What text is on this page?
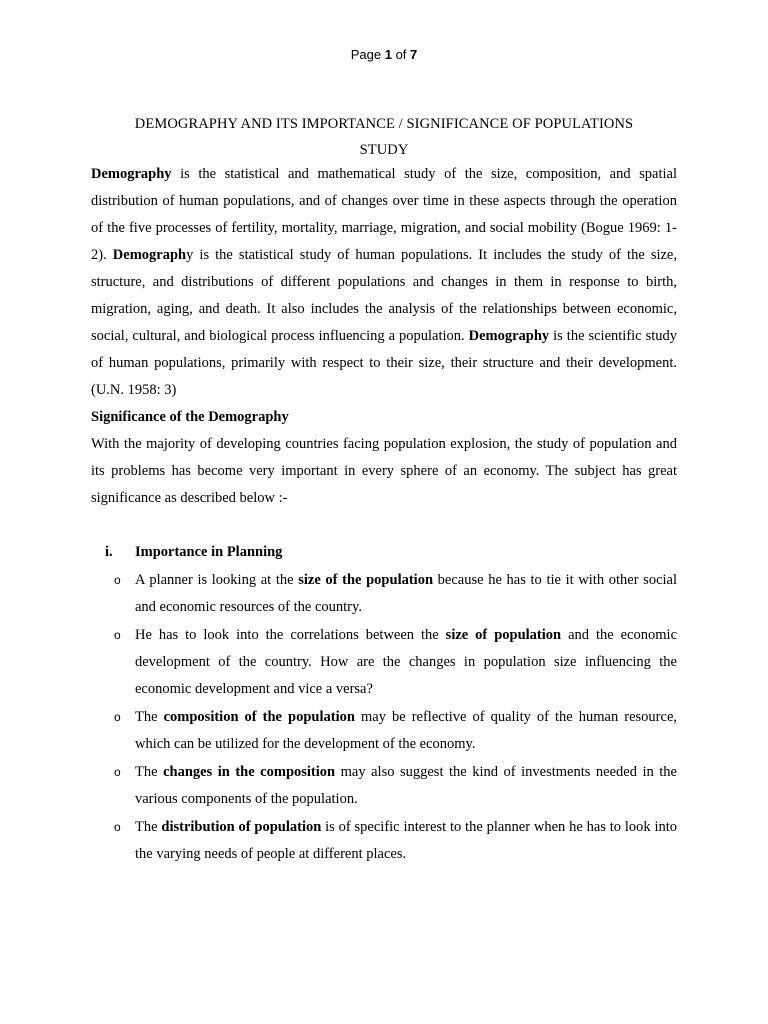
Page 1 of 7
DEMOGRAPHY AND ITS IMPORTANCE / SIGNIFICANCE OF POPULATIONS
STUDY

Demography is the statistical and mathematical study of the size, composition, and spatial distribution of human populations, and of changes over time in these aspects through the operation of the five processes of fertility, mortality, marriage, migration, and social mobility (Bogue 1969: 1-2). Demography is the statistical study of human populations. It includes the study of the size, structure, and distributions of different populations and changes in them in response to birth, migration, aging, and death. It also includes the analysis of the relationships between economic, social, cultural, and biological process influencing a population. Demography is the scientific study of human populations, primarily with respect to their size, their structure and their development.(U.N. 1958: 3)

Significance of the Demography

With the majority of developing countries facing population explosion, the study of population and its problems has become very important in every sphere of an economy. The subject has great significance as described below :-

i.	Importance in Planning
o A planner is looking at the size of the population because he has to tie it with other social and economic resources of the country.
o He has to look into the correlations between the size of population and the economic development of the country. How are the changes in population size influencing the economic development and vice a versa?
o The composition of the population may be reflective of quality of the human resource, which can be utilized for the development of the economy.
o The changes in the composition may also suggest the kind of investments needed in the various components of the population.
o The distribution of population is of specific interest to the planner when he has to look into the varying needs of people at different places.
